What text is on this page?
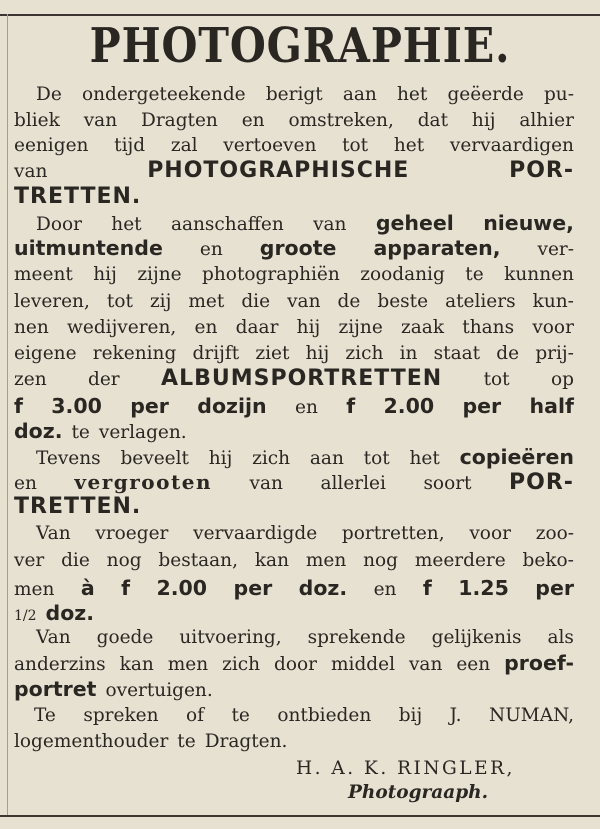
PHOTOGRAPHIE.
De ondergeteekende berigt aan het geëerde pu-
bliek van Dragten en omstreken, dat hij alhier
eenigen tijd zal vertoeven tot het vervaardigen
van	PHOTOGRAPHISCHE	POR-
TRETTEN.
Door het aanschaffen van geheel nieuwe,
uitmuntende en groote apparaten, ver-
meent hij zijne photographiën zoodanig te kunnen
leveren, tot zij met die van de beste ateliers kun-
nen wedijveren, en daar hij zijne zaak thans voor
eigene rekening drijft ziet hij zich in staat de prij-
zen der ALBUMSPORTRETTEN tot op
f 3.00 per dozijn en f 2.00 per half
doz. te verlagen.
Tevens beveelt hij zich aan tot het copieëren
en vergrooten van allerlei soort POR-
TRETTEN.
Van vroeger vervaardigde portretten, voor zoo-
ver die nog bestaan, kan men nog meerdere beko-
men à f 2.00 per doz. en f 1.25 per
1/2 doz.
Van goede uitvoering, sprekende gelijkenis als
anderzins kan men zich door middel van een proef-
portret overtuigen.
Te spreken of te ontbieden bij J. NUMAN,
logementhouder te Dragten.
H. A. K. RINGLER,
Photograaph.
